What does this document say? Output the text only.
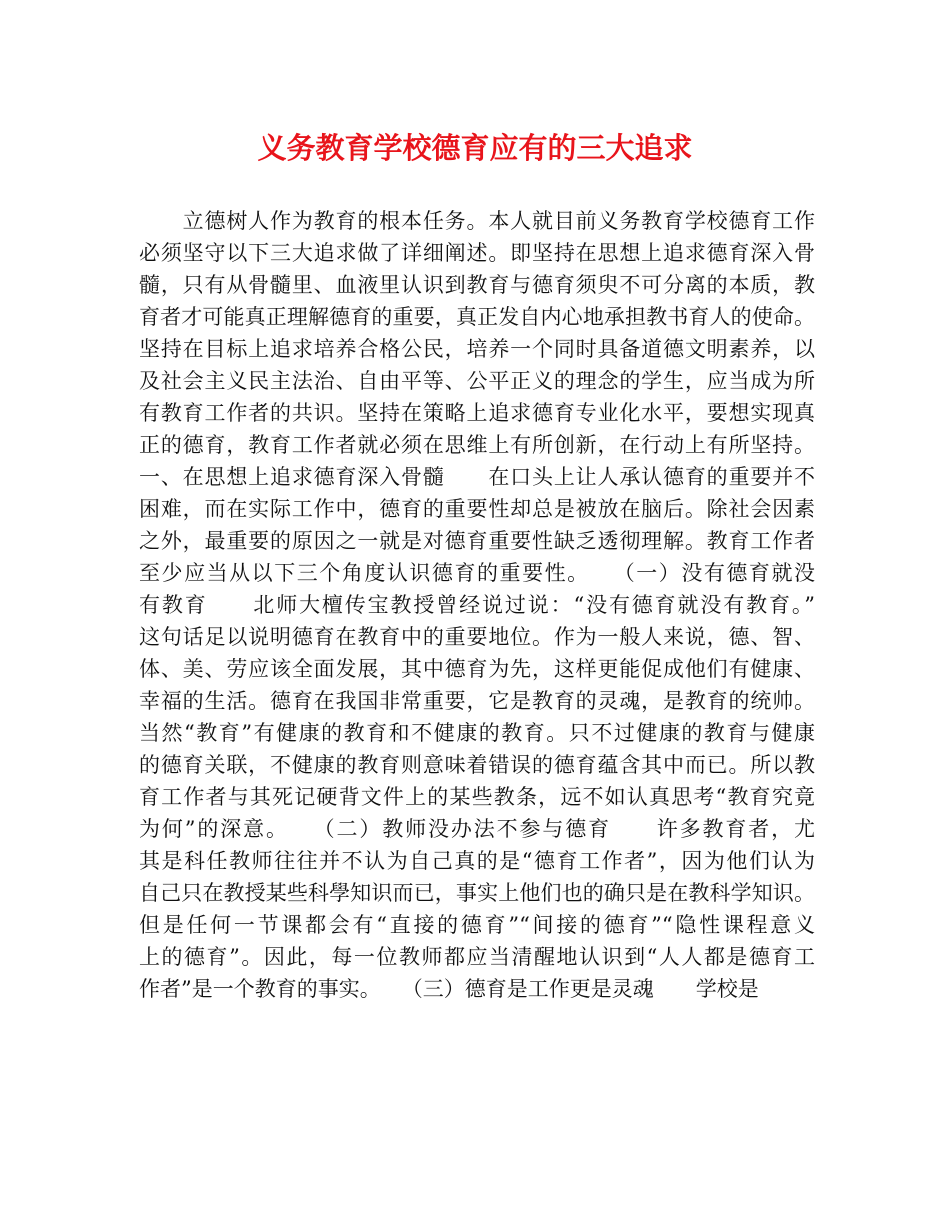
义务教育学校德育应有的三大追求
　　立德树人作为教育的根本任务。本人就目前义务教育学校德育工作
必须坚守以下三大追求做了详细阐述。即坚持在思想上追求德育深入骨
髓，只有从骨髓里、血液里认识到教育与德育须臾不可分离的本质，教
育者才可能真正理解德育的重要，真正发自内心地承担教书育人的使命。
坚持在目标上追求培养合格公民，培养一个同时具备道德文明素养，以
及社会主义民主法治、自由平等、公平正义的理念的学生，应当成为所
有教育工作者的共识。坚持在策略上追求德育专业化水平，要想实现真
正的德育，教育工作者就必须在思维上有所创新，在行动上有所坚持。
一、在思想上追求德育深入骨髓　　在口头上让人承认德育的重要并不
困难，而在实际工作中，德育的重要性却总是被放在脑后。除社会因素
之外，最重要的原因之一就是对德育重要性缺乏透彻理解。教育工作者
至少应当从以下三个角度认识德育的重要性。　　（一）没有德育就没
有教育　　北师大檀传宝教授曾经说过说：“没有德育就没有教育。”
这句话足以说明德育在教育中的重要地位。作为一般人来说，德、智、
体、美、劳应该全面发展，其中德育为先，这样更能促成他们有健康、
幸福的生活。德育在我国非常重要，它是教育的灵魂，是教育的统帅。
当然“教育”有健康的教育和不健康的教育。只不过健康的教育与健康
的德育关联，不健康的教育则意味着错误的德育蕴含其中而已。所以教
育工作者与其死记硬背文件上的某些教条，远不如认真思考“教育究竟
为何”的深意。　　（二）教师没办法不参与德育　　许多教育者，尤
其是科任教师往往并不认为自己真的是“德育工作者”，因为他们认为
自己只在教授某些科學知识而已，事实上他们也的确只是在教科学知识。
但是任何一节课都会有“直接的德育”“间接的德育”“隐性课程意义
上的德育”。因此，每一位教师都应当清醒地认识到“人人都是德育工
作者”是一个教育的事实。　　（三）德育是工作更是灵魂　　学校是
